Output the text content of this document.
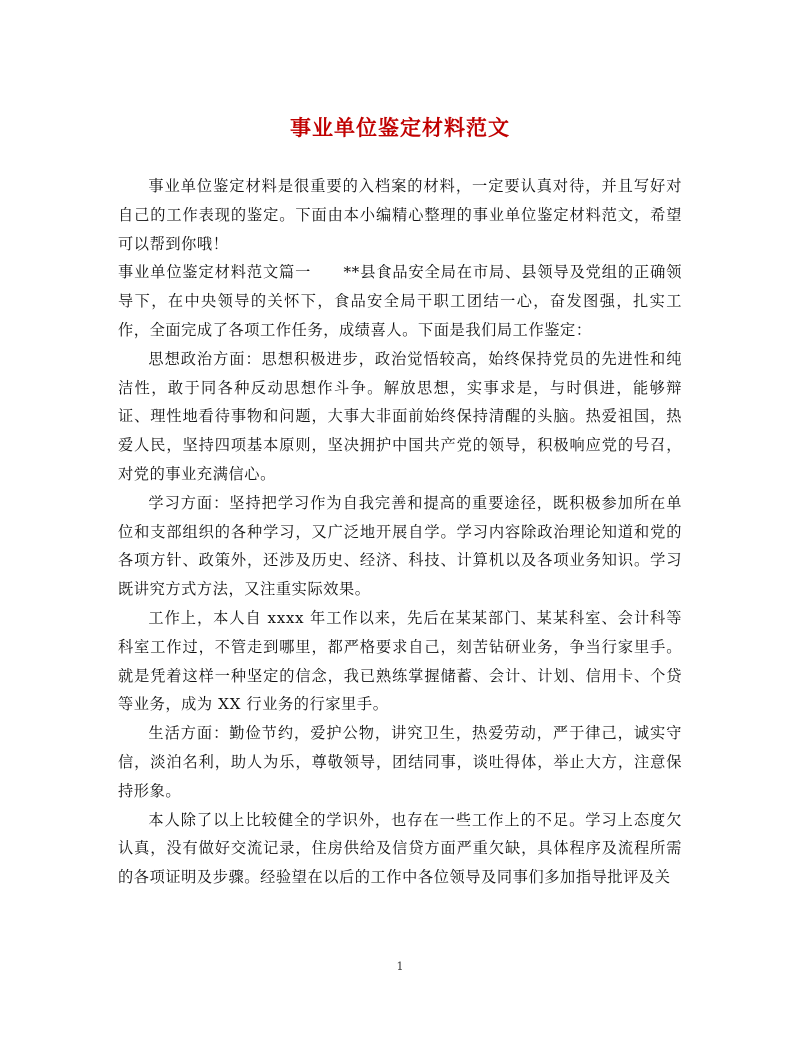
事业单位鉴定材料范文

事业单位鉴定材料是很重要的入档案的材料，一定要认真对待，并且写好对自己的工作表现的鉴定。下面由本小编精心整理的事业单位鉴定材料范文，希望可以帮到你哦！

事业单位鉴定材料范文篇一　　**县食品安全局在市局、县领导及党组的正确领导下，在中央领导的关怀下，食品安全局干职工团结一心，奋发图强，扎实工作，全面完成了各项工作任务，成绩喜人。下面是我们局工作鉴定：

思想政治方面：思想积极进步，政治觉悟较高，始终保持党员的先进性和纯洁性，敢于同各种反动思想作斗争。解放思想，实事求是，与时俱进，能够辩证、理性地看待事物和问题，大事大非面前始终保持清醒的头脑。热爱祖国，热爱人民，坚持四项基本原则，坚决拥护中国共产党的领导，积极响应党的号召，对党的事业充满信心。

学习方面：坚持把学习作为自我完善和提高的重要途径，既积极参加所在单位和支部组织的各种学习，又广泛地开展自学。学习内容除政治理论知道和党的各项方针、政策外，还涉及历史、经济、科技、计算机以及各项业务知识。学习既讲究方式方法，又注重实际效果。

工作上，本人自 xxxx 年工作以来，先后在某某部门、某某科室、会计科等科室工作过，不管走到哪里，都严格要求自己，刻苦钻研业务，争当行家里手。就是凭着这样一种坚定的信念，我已熟练掌握储蓄、会计、计划、信用卡、个贷等业务，成为 XX 行业务的行家里手。

生活方面：勤俭节约，爱护公物，讲究卫生，热爱劳动，严于律己，诚实守信，淡泊名利，助人为乐，尊敬领导，团结同事，谈吐得体，举止大方，注意保持形象。

本人除了以上比较健全的学识外，也存在一些工作上的不足。学习上态度欠认真，没有做好交流记录，住房供给及信贷方面严重欠缺，具体程序及流程所需的各项证明及步骤。经验望在以后的工作中各位领导及同事们多加指导批评及关

1
